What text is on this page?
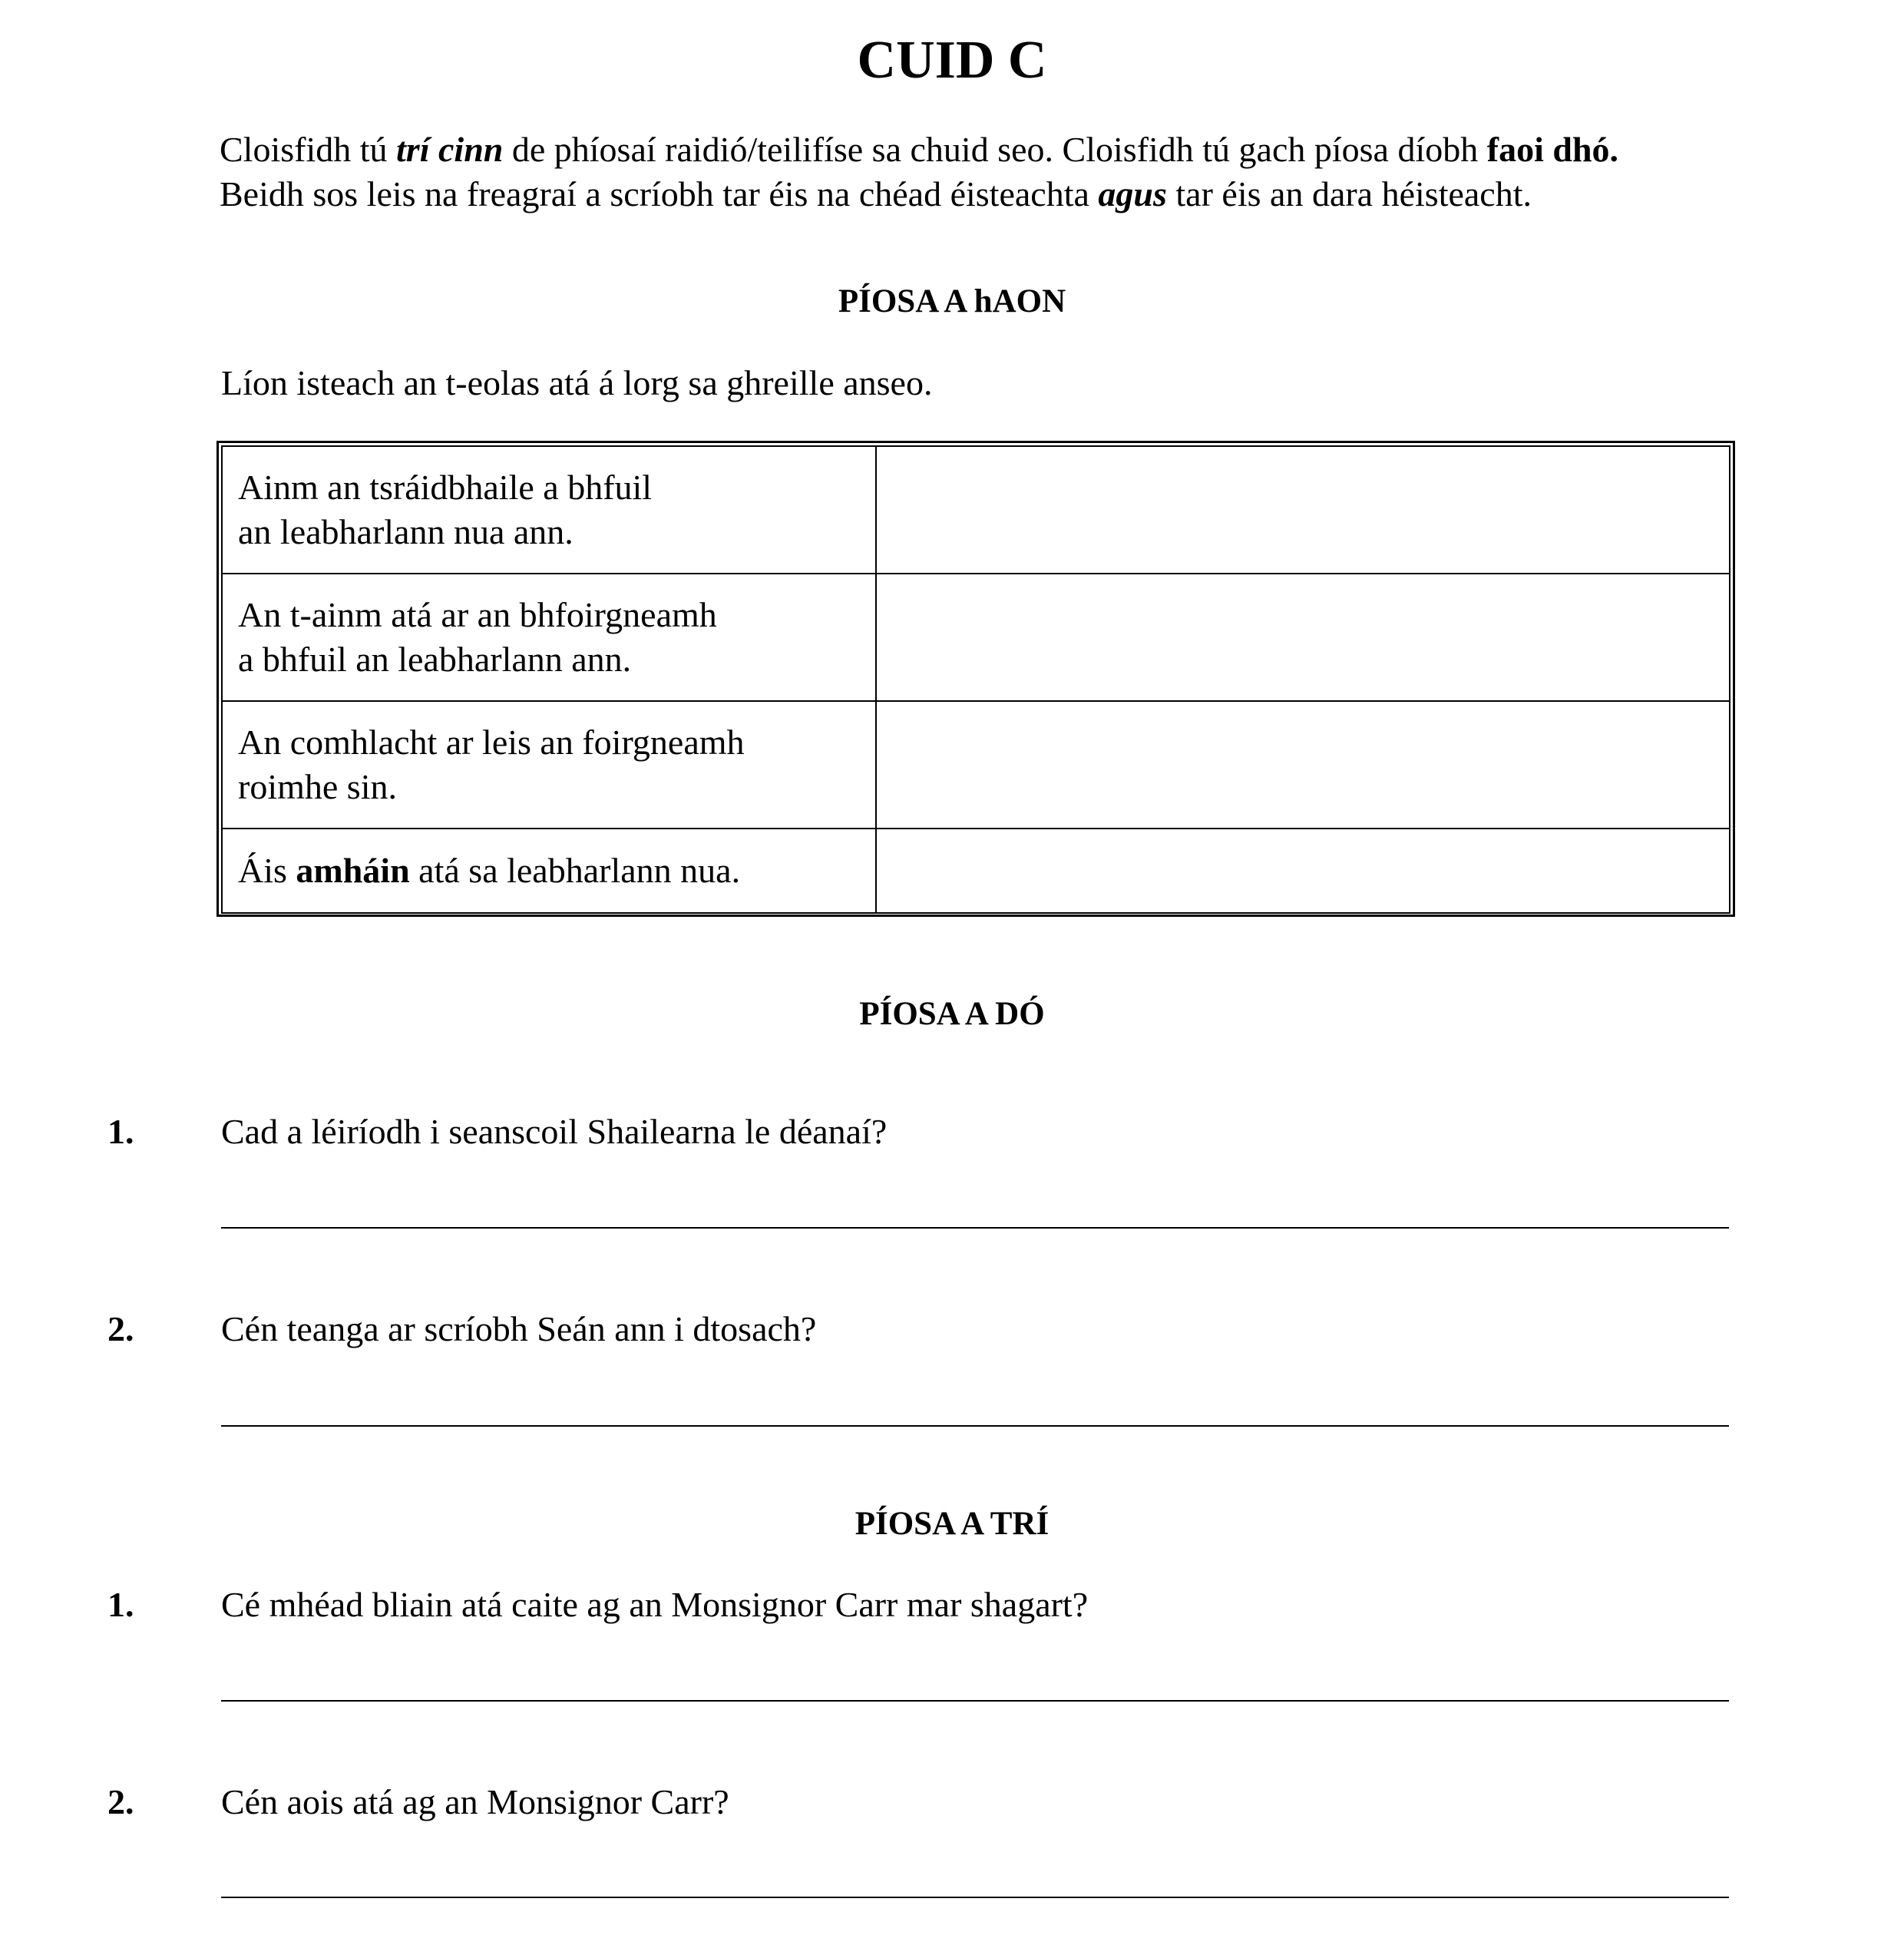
CUID C

Cloisfidh tú trí cinn de phíosaí raidió/teilifíse sa chuid seo. Cloisfidh tú gach píosa díobh faoi dhó.

Beidh sos leis na freagraí a scríobh tar éis na chéad éisteachta agus tar éis an dara héisteacht.

PÍOSA A hAON
Líon isteach an t-eolas atá á lorg sa ghreille anseo.
Ainm an tsráidbhaile a bhfuil
an leabharlann nua ann.	

An t-ainm atá ar an bhfoirgneamh
a bhfuil an leabharlann ann.	

An comhlacht ar leis an foirgneamh
roimhe sin.	

Áis amháin atá sa leabharlann nua.	
PÍOSA A DÓ
1. Cad a léiríodh i seanscoil Shailearna le déanaí?
2. Cén teanga ar scríobh Seán ann i dtosach?
PÍOSA A TRÍ
1. Cé mhéad bliain atá caite ag an Monsignor Carr mar shagart?
2. Cén aois atá ag an Monsignor Carr?
